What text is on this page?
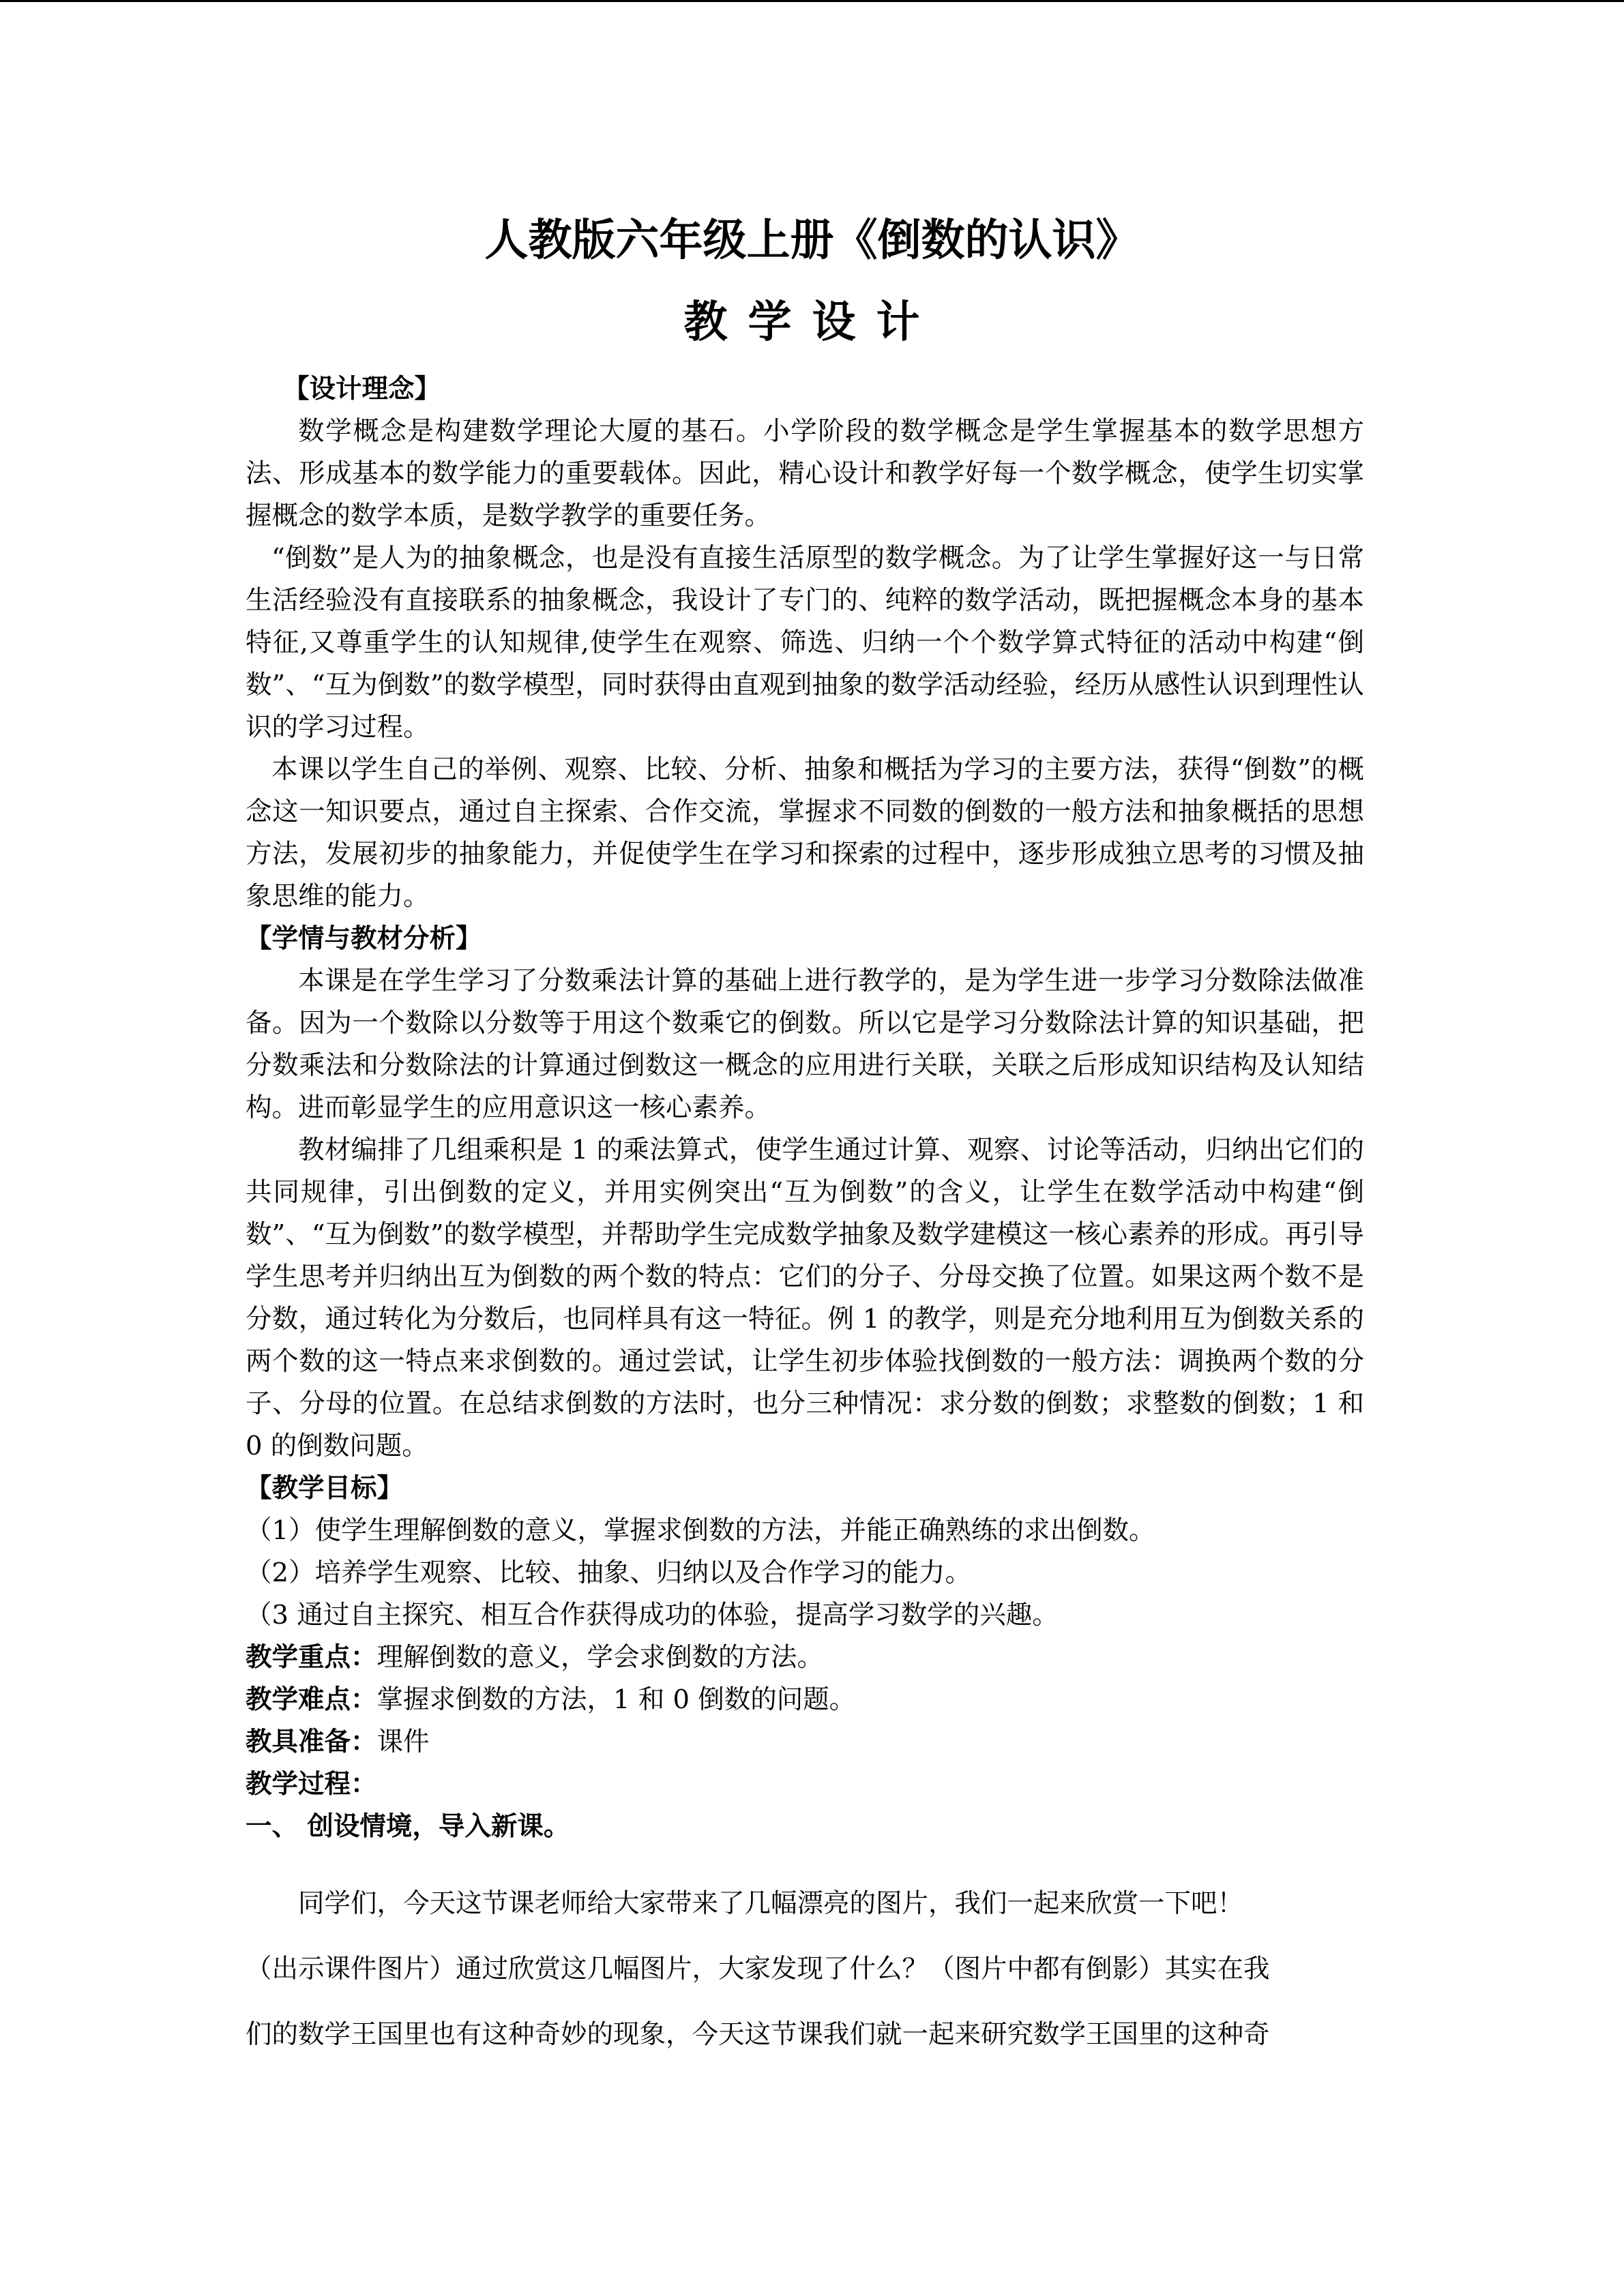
人教版六年级上册《倒数的认识》
教学设计
【设计理念】

数学概念是构建数学理论大厦的基石。小学阶段的数学概念是学生掌握基本的数学思想方法、形成基本的数学能力的重要载体。因此，精心设计和教学好每一个数学概念，使学生切实掌握概念的数学本质，是数学教学的重要任务。

“倒数”是人为的抽象概念，也是没有直接生活原型的数学概念。为了让学生掌握好这一与日常生活经验没有直接联系的抽象概念，我设计了专门的、纯粹的数学活动，既把握概念本身的基本特征,又尊重学生的认知规律,使学生在观察、筛选、归纳一个个数学算式特征的活动中构建“倒数”、“互为倒数”的数学模型，同时获得由直观到抽象的数学活动经验，经历从感性认识到理性认识的学习过程。

本课以学生自己的举例、观察、比较、分析、抽象和概括为学习的主要方法，获得“倒数”的概念这一知识要点，通过自主探索、合作交流，掌握求不同数的倒数的一般方法和抽象概括的思想方法，发展初步的抽象能力，并促使学生在学习和探索的过程中，逐步形成独立思考的习惯及抽象思维的能力。

【学情与教材分析】

本课是在学生学习了分数乘法计算的基础上进行教学的，是为学生进一步学习分数除法做准备。因为一个数除以分数等于用这个数乘它的倒数。所以它是学习分数除法计算的知识基础，把分数乘法和分数除法的计算通过倒数这一概念的应用进行关联，关联之后形成知识结构及认知结构。进而彰显学生的应用意识这一核心素养。

教材编排了几组乘积是 1 的乘法算式，使学生通过计算、观察、讨论等活动，归纳出它们的共同规律，引出倒数的定义，并用实例突出“互为倒数”的含义，让学生在数学活动中构建“倒数”、“互为倒数”的数学模型，并帮助学生完成数学抽象及数学建模这一核心素养的形成。再引导学生思考并归纳出互为倒数的两个数的特点：它们的分子、分母交换了位置。如果这两个数不是分数，通过转化为分数后，也同样具有这一特征。例 1 的教学，则是充分地利用互为倒数关系的两个数的这一特点来求倒数的。通过尝试，让学生初步体验找倒数的一般方法：调换两个数的分子、分母的位置。在总结求倒数的方法时，也分三种情况：求分数的倒数；求整数的倒数；1 和 0 的倒数问题。

【教学目标】

（1）使学生理解倒数的意义，掌握求倒数的方法，并能正确熟练的求出倒数。

（2）培养学生观察、比较、抽象、归纳以及合作学习的能力。

（3 通过自主探究、相互合作获得成功的体验，提高学习数学的兴趣。

教学重点：理解倒数的意义，学会求倒数的方法。

教学难点：掌握求倒数的方法，1 和 0 倒数的问题。

教具准备：课件

教学过程：

一、 创设情境，导入新课。

同学们，今天这节课老师给大家带来了几幅漂亮的图片，我们一起来欣赏一下吧！

（出示课件图片）通过欣赏这几幅图片，大家发现了什么？（图片中都有倒影）其实在我

们的数学王国里也有这种奇妙的现象，今天这节课我们就一起来研究数学王国里的这种奇
